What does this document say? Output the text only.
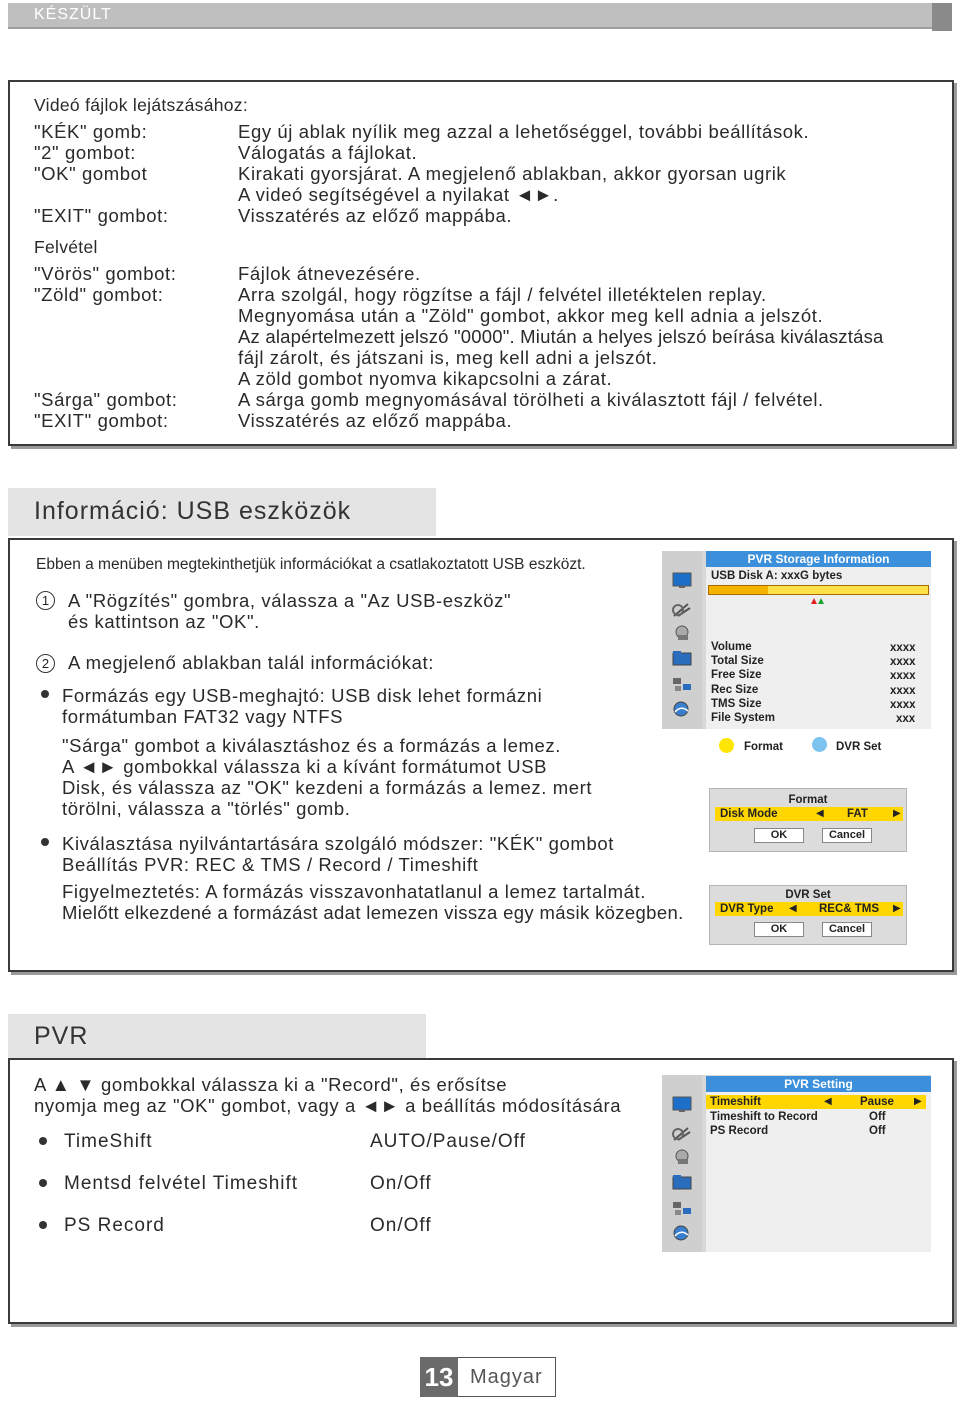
KÉSZÜLT
Videó fájlok lejátszásához:
"KÉK" gomb:	Egy új ablak nyílik meg azzal a lehetőséggel, további beállítások.
"2" gombot:	Válogatás a fájlokat.
"OK" gombot	Kirakati gyorsjárat. A megjelenő ablakban, akkor gyorsan ugrik
A videó segítségével a nyilakat ◄►.
"EXIT" gombot:	Visszatérés az előző mappába.
Felvétel
"Vörös" gombot:	Fájlok átnevezésére.
"Zöld" gombot:	Arra szolgál, hogy rögzítse a fájl / felvétel illetéktelen replay.
Megnyomása után a "Zöld" gombot, akkor meg kell adnia a jelszót.
Az alapértelmezett jelszó "0000". Miután a helyes jelszó beírása kiválasztása
fájl zárolt, és játszani is, meg kell adni a jelszót.
A zöld gombot nyomva kikapcsolni a zárat.
"Sárga" gombot:	A sárga gomb megnyomásával törölheti a kiválasztott fájl / felvétel.
"EXIT" gombot:	Visszatérés az előző mappába.
Információ: USB eszközök
Ebben a menüben megtekinthetjük információkat a csatlakoztatott USB eszközt.
1	A "Rögzítés" gombra, válassza a "Az USB-eszköz"
és kattintson az "OK".
2	A megjelenő ablakban talál információkat:
Formázás egy USB-meghajtó: USB disk lehet formázni
formátumban FAT32 vagy NTFS
"Sárga" gombot a kiválasztáshoz és a formázás a lemez.
A ◄► gombokkal válassza ki a kívánt formátumot USB
Disk, és válassza az "OK" kezdeni a formázás a lemez. mert
törölni, válassza a "törlés" gomb.
Kiválasztása nyilvántartására szolgáló módszer: "KÉK" gombot
Beállítás PVR: REC & TMS / Record / Timeshift
Figyelmeztetés: A formázás visszavonhatatlanul a lemez tartalmát.
Mielőtt elkezdené a formázást adat lemezen vissza egy másik közegben.
PVR Storage Information
USB Disk A: xxxG bytes
Volume	xxxx
Total Size	xxxx
Free Size	xxxx
Rec Size	xxxx
TMS Size	xxxx
File System	xxx
Format	DVR Set
Format
Disk Mode	◀ FAT	▶
OK	Cancel
DVR Set
DVR Type ◀ REC& TMS ▶
OK	Cancel
PVR
A ▲ ▼ gombokkal válassza ki a "Record", és erősítse
nyomja meg az "OK" gombot, vagy a ◄► a beállítás módosítására
TimeShift	AUTO/Pause/Off
Mentsd felvétel Timeshift	On/Off
PS Record	On/Off
PVR Setting
Timeshift	◀ Pause ▶
Timeshift to Record	Off
PS Record	Off
13 Magyar
